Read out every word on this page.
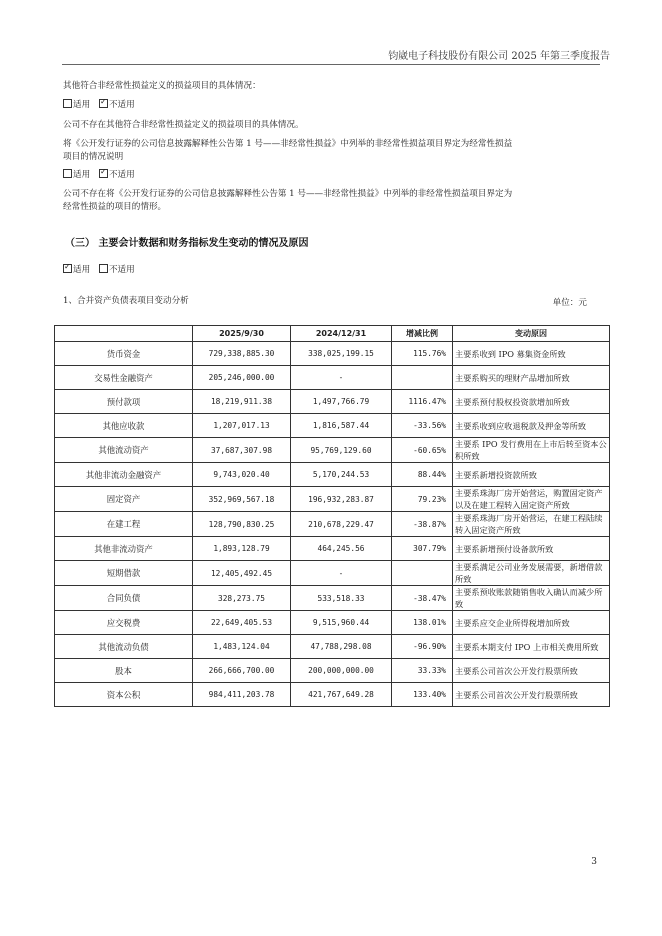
钧崴电子科技股份有限公司 2025 年第三季度报告

其他符合非经常性损益定义的损益项目的具体情况：

适用 ✓ 不适用

公司不存在其他符合非经常性损益定义的损益项目的具体情况。

将《公开发行证券的公司信息披露解释性公告第 1 号——非经常性损益》中列举的非经常性损益项目界定为经常性损益

项目的情况说明

适用 ✓ 不适用

公司不存在将《公开发行证券的公司信息披露解释性公告第 1 号——非经常性损益》中列举的非经常性损益项目界定为

经常性损益的项目的情形。

（三） 主要会计数据和财务指标发生变动的情况及原因

✓适用 不适用

1、合并资产负债表项目变动分析	单位：元
	2025/9/30	2024/12/31	增减比例	变动原因
货币资金	729,338,885.30	338,025,199.15	115.76%	主要系收到 IPO 募集资金所致
交易性金融资产	205,246,000.00	-		主要系购买的理财产品增加所致
预付款项	18,219,911.38	1,497,766.79	1116.47%	主要系预付股权投资款增加所致
其他应收款	1,207,017.13	1,816,587.44	-33.56%	主要系收到应收退税款及押金等所致
其他流动资产	37,687,307.98	95,769,129.60	-60.65%	主要系 IPO 发行费用在上市后转至资本公积所致
其他非流动金融资产	9,743,020.40	5,170,244.53	88.44%	主要系新增投资款所致
固定资产	352,969,567.18	196,932,283.87	79.23%	主要系珠海厂房开始营运，购置固定资产以及在建工程转入固定资产所致
在建工程	128,790,830.25	210,678,229.47	-38.87%	主要系珠海厂房开始营运，在建工程陆续转入固定资产所致
其他非流动资产	1,893,128.79	464,245.56	307.79%	主要系新增预付设备款所致
短期借款	12,405,492.45	-		主要系满足公司业务发展需要，新增借款所致
合同负债	328,273.75	533,518.33	-38.47%	主要系预收账款随销售收入确认而减少所致
应交税费	22,649,405.53	9,515,960.44	138.01%	主要系应交企业所得税增加所致
其他流动负债	1,483,124.04	47,788,298.08	-96.90%	主要系本期支付 IPO 上市相关费用所致
股本	266,666,700.00	200,000,000.00	33.33%	主要系公司首次公开发行股票所致
资本公积	984,411,203.78	421,767,649.28	133.40%	主要系公司首次公开发行股票所致
3
